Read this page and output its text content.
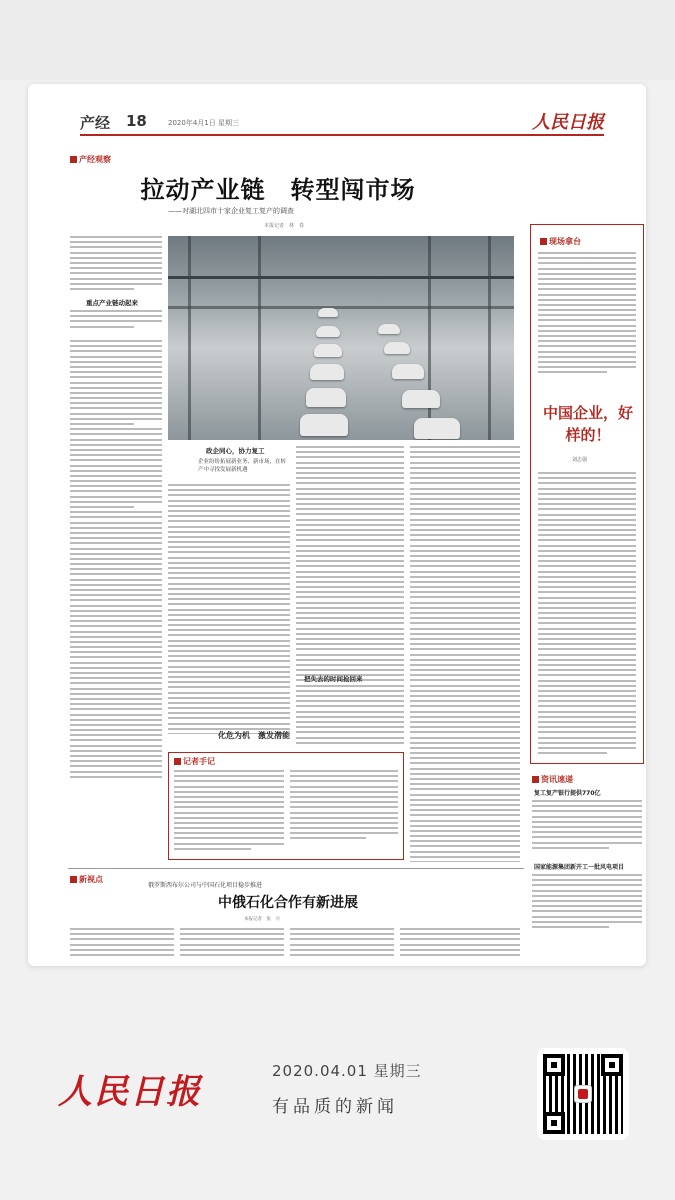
产经 18	2020年4月1日 星期三	人民日报
产经观察
拉动产业链　转型闯市场
——对湖北四市十家企业复工复产的调查
本报记者　林　春
重点产业链动起来
政企同心，协力复工
企业纷纷拓展新业务、新市场，在转产中寻找发展新机遇
化危为机　激发潜能
记者手记
把失去的时间抢回来
现场拿台
中国企业，好样的！
刘志强
资讯速递
复工复产银行提供770亿
国家能源集团新开工一批风电项目
新视点
俄罗斯西布尔公司与中国石化项目稳步推进
中俄石化合作有新进展
本报记者　张　兴
人民日报
2020.04.01 星期三
有品质的新闻
